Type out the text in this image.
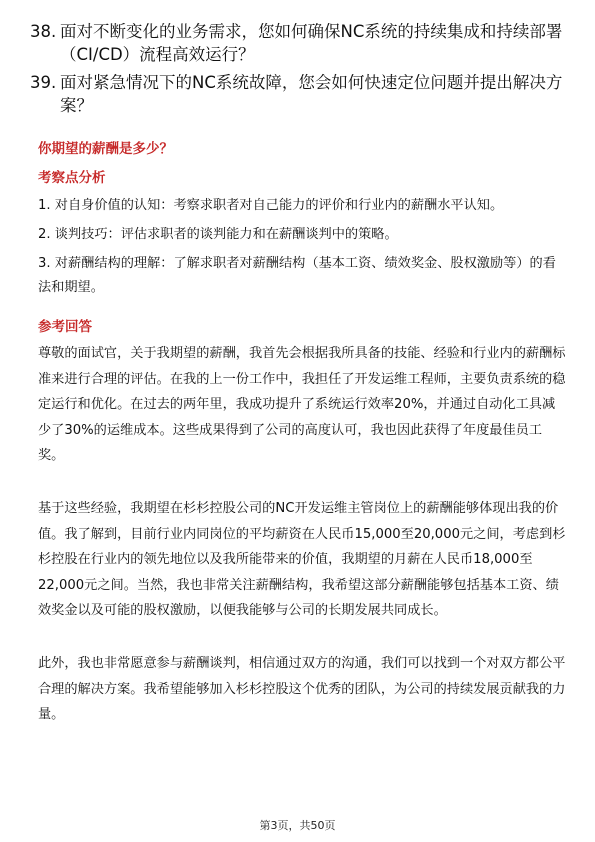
38. 面对不断变化的业务需求，您如何确保NC系统的持续集成和持续部署（CI/CD）流程高效运行？
39. 面对紧急情况下的NC系统故障，您会如何快速定位问题并提出解决方案？
你期望的薪酬是多少？
考察点分析
1. 对自身价值的认知：考察求职者对自己能力的评价和行业内的薪酬水平认知。
2. 谈判技巧：评估求职者的谈判能力和在薪酬谈判中的策略。
3. 对薪酬结构的理解：了解求职者对薪酬结构（基本工资、绩效奖金、股权激励等）的看法和期望。
参考回答
尊敬的面试官，关于我期望的薪酬，我首先会根据我所具备的技能、经验和行业内的薪酬标准来进行合理的评估。在我的上一份工作中，我担任了开发运维工程师，主要负责系统的稳定运行和优化。在过去的两年里，我成功提升了系统运行效率20%，并通过自动化工具减少了30%的运维成本。这些成果得到了公司的高度认可，我也因此获得了年度最佳员工奖。
基于这些经验，我期望在杉杉控股公司的NC开发运维主管岗位上的薪酬能够体现出我的价值。我了解到，目前行业内同岗位的平均薪资在人民币15,000至20,000元之间，考虑到杉杉控股在行业内的领先地位以及我所能带来的价值，我期望的月薪在人民币18,000至22,000元之间。当然，我也非常关注薪酬结构，我希望这部分薪酬能够包括基本工资、绩效奖金以及可能的股权激励，以便我能够与公司的长期发展共同成长。
此外，我也非常愿意参与薪酬谈判，相信通过双方的沟通，我们可以找到一个对双方都公平合理的解决方案。我希望能够加入杉杉控股这个优秀的团队，为公司的持续发展贡献我的力量。
第3页，共50页
